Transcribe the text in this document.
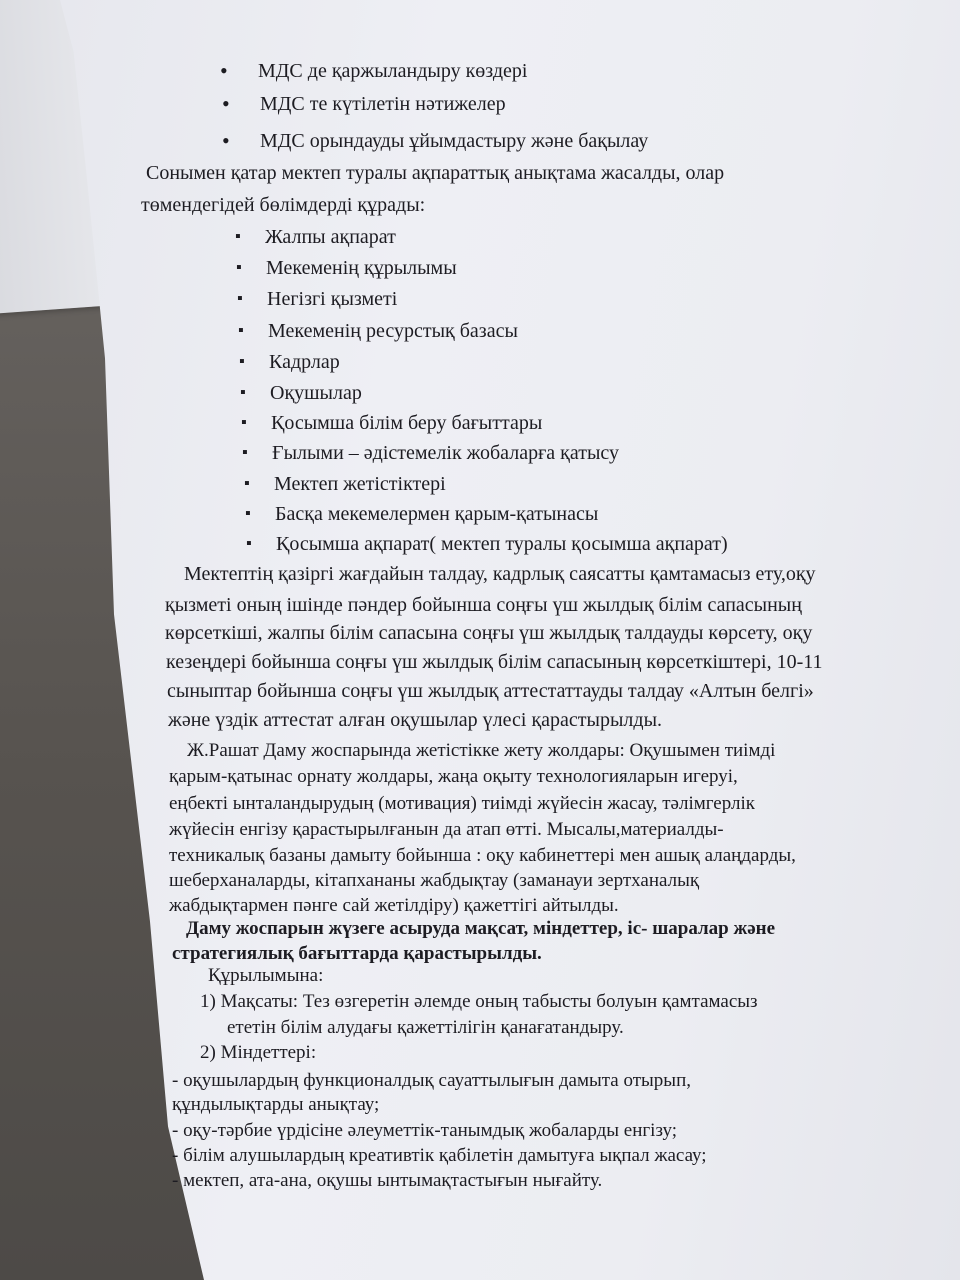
• МДС де қаржыландыру көздері
• МДС те күтілетін нәтижелер
• МДС орындауды ұйымдастыру және бақылау
Сонымен қатар мектеп туралы ақпараттық анықтама жасалды, олар
төмендегідей бөлімдерді құрады:
▪ Жалпы ақпарат
▪ Мекеменің құрылымы
▪ Негізгі қызметі
▪ Мекеменің ресурстық базасы
▪ Кадрлар
▪ Оқушылар
▪ Қосымша білім беру бағыттары
▪ Ғылыми – әдістемелік жобаларға қатысу
▪ Мектеп жетістіктері
▪ Басқа мекемелермен қарым-қатынасы
▪ Қосымша ақпарат( мектеп туралы қосымша ақпарат)
Мектептің қазіргі жағдайын талдау, кадрлық саясатты қамтамасыз ету,оқу
қызметі оның ішінде пәндер бойынша соңғы үш жылдық білім сапасының
көрсеткіші, жалпы білім сапасына соңғы үш жылдық талдауды көрсету, оқу
кезеңдері бойынша соңғы үш жылдық білім сапасының көрсеткіштері, 10-11
сыныптар бойынша соңғы үш жылдық аттестаттауды талдау «Алтын белгі»
және үздік аттестат алған оқушылар үлесі қарастырылды.
Ж.Рашат Даму жоспарында жетістікке жету жолдары: Оқушымен тиімді
қарым-қатынас орнату жолдары, жаңа оқыту технологияларын игеруі,
еңбекті ынталандырудың (мотивация) тиімді жүйесін жасау, тәлімгерлік
жүйесін енгізу қарастырылғанын да атап өтті. Мысалы,материалды-
техникалық базаны дамыту бойынша : оқу кабинеттері мен ашық алаңдарды,
шеберханаларды, кітапхананы жабдықтау (заманауи зертханалық
жабдықтармен пәнге сай жетілдіру) қажеттігі айтылды.
Даму жоспарын жүзеге асыруда мақсат, міндеттер, іс- шаралар және
стратегиялық бағыттарда қарастырылды.
Құрылымына:
1) Мақсаты: Тез өзгеретін әлемде оның табысты болуын қамтамасыз
ететін білім алудағы қажеттілігін қанағатандыру.
2) Міндеттері:
- оқушылардың функционалдық сауаттылығын дамыта отырып,
құндылықтарды анықтау;
- оқу-тәрбие үрдісіне әлеуметтік-танымдық жобаларды енгізу;
- білім алушылардың креативтік қабілетін дамытуға ықпал жасау;
- мектеп, ата-ана, оқушы ынтымақтастығын нығайту.
